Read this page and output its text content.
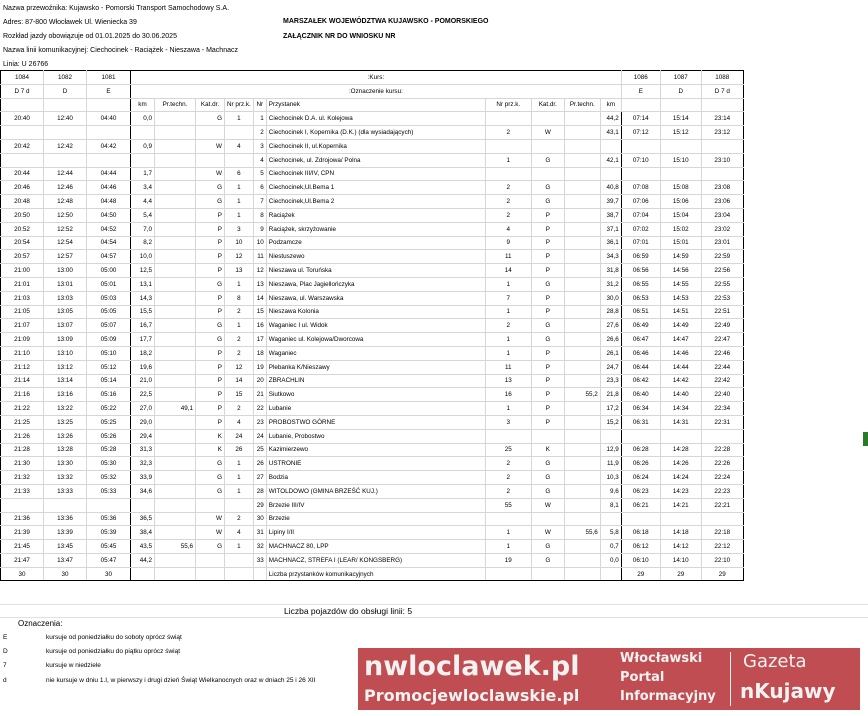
Nazwa przewoźnika: Kujawsko - Pomorski Transport Samochodowy S.A.
Adres: 87-800 Włocławek Ul. Wieniecka 39
Rozkład jazdy obowiązuje od 01.01.2025 do 30.06.2025
Nazwa linii komunikacyjnej: Ciechocinek - Raciążek - Nieszawa - Machnacz
Linia: U 26766
MARSZAŁEK WOJEWÓDZTWA KUJAWSKO - POMORSKIEGO
ZAŁĄCZNIK NR DO WNIOSKU NR
1084	1082	1081	:Kurs:										1086	1087	1088
D 7 d	D	E	:Oznaczenie kursu:										E	D	D 7 d
			km	Pr.techn.	Kat.dr.	Nr prz.k.	Nr	Przystanek	Nr prz.k.	Kat.dr.	Pr.techn.	km			
20:40	12:40	04:40	0,0		G	1	1	Ciechocinek D.A. ul. Kolejowa				44,2	07:14	15:14	23:14
							2	Ciechocinek I, Kopernika (D.K.) (dla wysiadających)	2	W		43,1	07:12	15:12	23:12
20:42	12:42	04:42	0,9		W	4	3	Ciechocinek II, ul.Kopernika							
							4	Ciechocinek, ul. Zdrojowa/ Polna	1	G		42,1	07:10	15:10	23:10
20:44	12:44	04:44	1,7		W	6	5	Ciechocinek III/IV, CPN							
20:46	12:46	04:46	3,4		G	1	6	Ciechocinek,Ul.Bema 1	2	G		40,8	07:08	15:08	23:08
20:48	12:48	04:48	4,4		G	1	7	Ciechocinek,Ul.Bema 2	2	G		39,7	07:06	15:06	23:06
20:50	12:50	04:50	5,4		P	1	8	Raciążek	2	P		38,7	07:04	15:04	23:04
20:52	12:52	04:52	7,0		P	3	9	Raciążek, skrzyżowanie	4	P		37,1	07:02	15:02	23:02
20:54	12:54	04:54	8,2		P	10	10	Podzamcze	9	P		36,1	07:01	15:01	23:01
20:57	12:57	04:57	10,0		P	12	11	Niestuszewo	11	P		34,3	06:59	14:59	22:59
21:00	13:00	05:00	12,5		P	13	12	Nieszawa ul. Toruńska	14	P		31,8	06:56	14:56	22:56
21:01	13:01	05:01	13,1		G	1	13	Nieszawa, Plac Jagiellończyka	1	G		31,2	06:55	14:55	22:55
21:03	13:03	05:03	14,3		P	8	14	Nieszawa, ul. Warszawska	7	P		30,0	06:53	14:53	22:53
21:05	13:05	05:05	15,5		P	2	15	Nieszawa Kolonia	1	P		28,8	06:51	14:51	22:51
21:07	13:07	05:07	16,7		G	1	16	Waganiec I ul. Widok	2	G		27,6	06:49	14:49	22:49
21:09	13:09	05:09	17,7		G	2	17	Waganiec ul. Kolejowa/Dworcowa	1	G		26,6	06:47	14:47	22:47
21:10	13:10	05:10	18,2		P	2	18	Waganiec	1	P		26,1	06:46	14:46	22:46
21:12	13:12	05:12	19,6		P	12	19	Plebanka K/Nieszawy	11	P		24,7	06:44	14:44	22:44
21:14	13:14	05:14	21,0		P	14	20	ZBRACHLIN	13	P		23,3	06:42	14:42	22:42
21:16	13:16	05:16	22,5		P	15	21	Siutkowo	16	P	55,2	21,8	06:40	14:40	22:40
21:22	13:22	05:22	27,0	49,1	P	2	22	Lubanie	1	P		17,2	06:34	14:34	22:34
21:25	13:25	05:25	29,0		P	4	23	PROBOSTWO GÓRNE	3	P		15,2	06:31	14:31	22:31
21:26	13:26	05:26	29,4		K	24	24	Lubanie, Probostwo							
21:28	13:28	05:28	31,3		K	26	25	Kazimierzewo	25	K		12,9	06:28	14:28	22:28
21:30	13:30	05:30	32,3		G	1	26	USTRONIE	2	G		11,9	06:26	14:26	22:26
21:32	13:32	05:32	33,9		G	1	27	Bodzia	2	G		10,3	06:24	14:24	22:24
21:33	13:33	05:33	34,6		G	1	28	WITOLDOWO (GMINA BRZEŚĆ KUJ.)	2	G		9,6	06:23	14:23	22:23
							29	Brzezie III/IV	55	W		8,1	06:21	14:21	22:21
21:36	13:36	05:36	36,5		W	2	30	Brzezie							
21:39	13:39	05:39	38,4		W	4	31	Lipiny I/II	1	W	55,6	5,8	06:18	14:18	22:18
21:45	13:45	05:45	43,5	55,6	G	1	32	MACHNACZ 80, LPP	1	G		0,7	06:12	14:12	22:12
21:47	13:47	05:47	44,2				33	MACHNACZ, STREFA I (LEAR/ KONGSBERG)	19	G		0,0	06:10	14:10	22:10
30	30	30						Liczba przystanków komunikacyjnych					29	29	29
Liczba pojazdów do obsługi linii: 5
Oznaczenia:
E	kursuje od poniedziałku do soboty oprócz świąt
D	kursuje od poniedziałku do piątku oprócz świąt
7	kursuje w niedziele
d	nie kursuje w dniu 1.I, w pierwszy i drugi dzień Świąt Wielkanocnych oraz w dniach 25 i 26 XII nwloclawek.pl
Promocjewloclawskie.pl
Włocławski
Portal
Informacyjny
Gazeta
nKujawy
